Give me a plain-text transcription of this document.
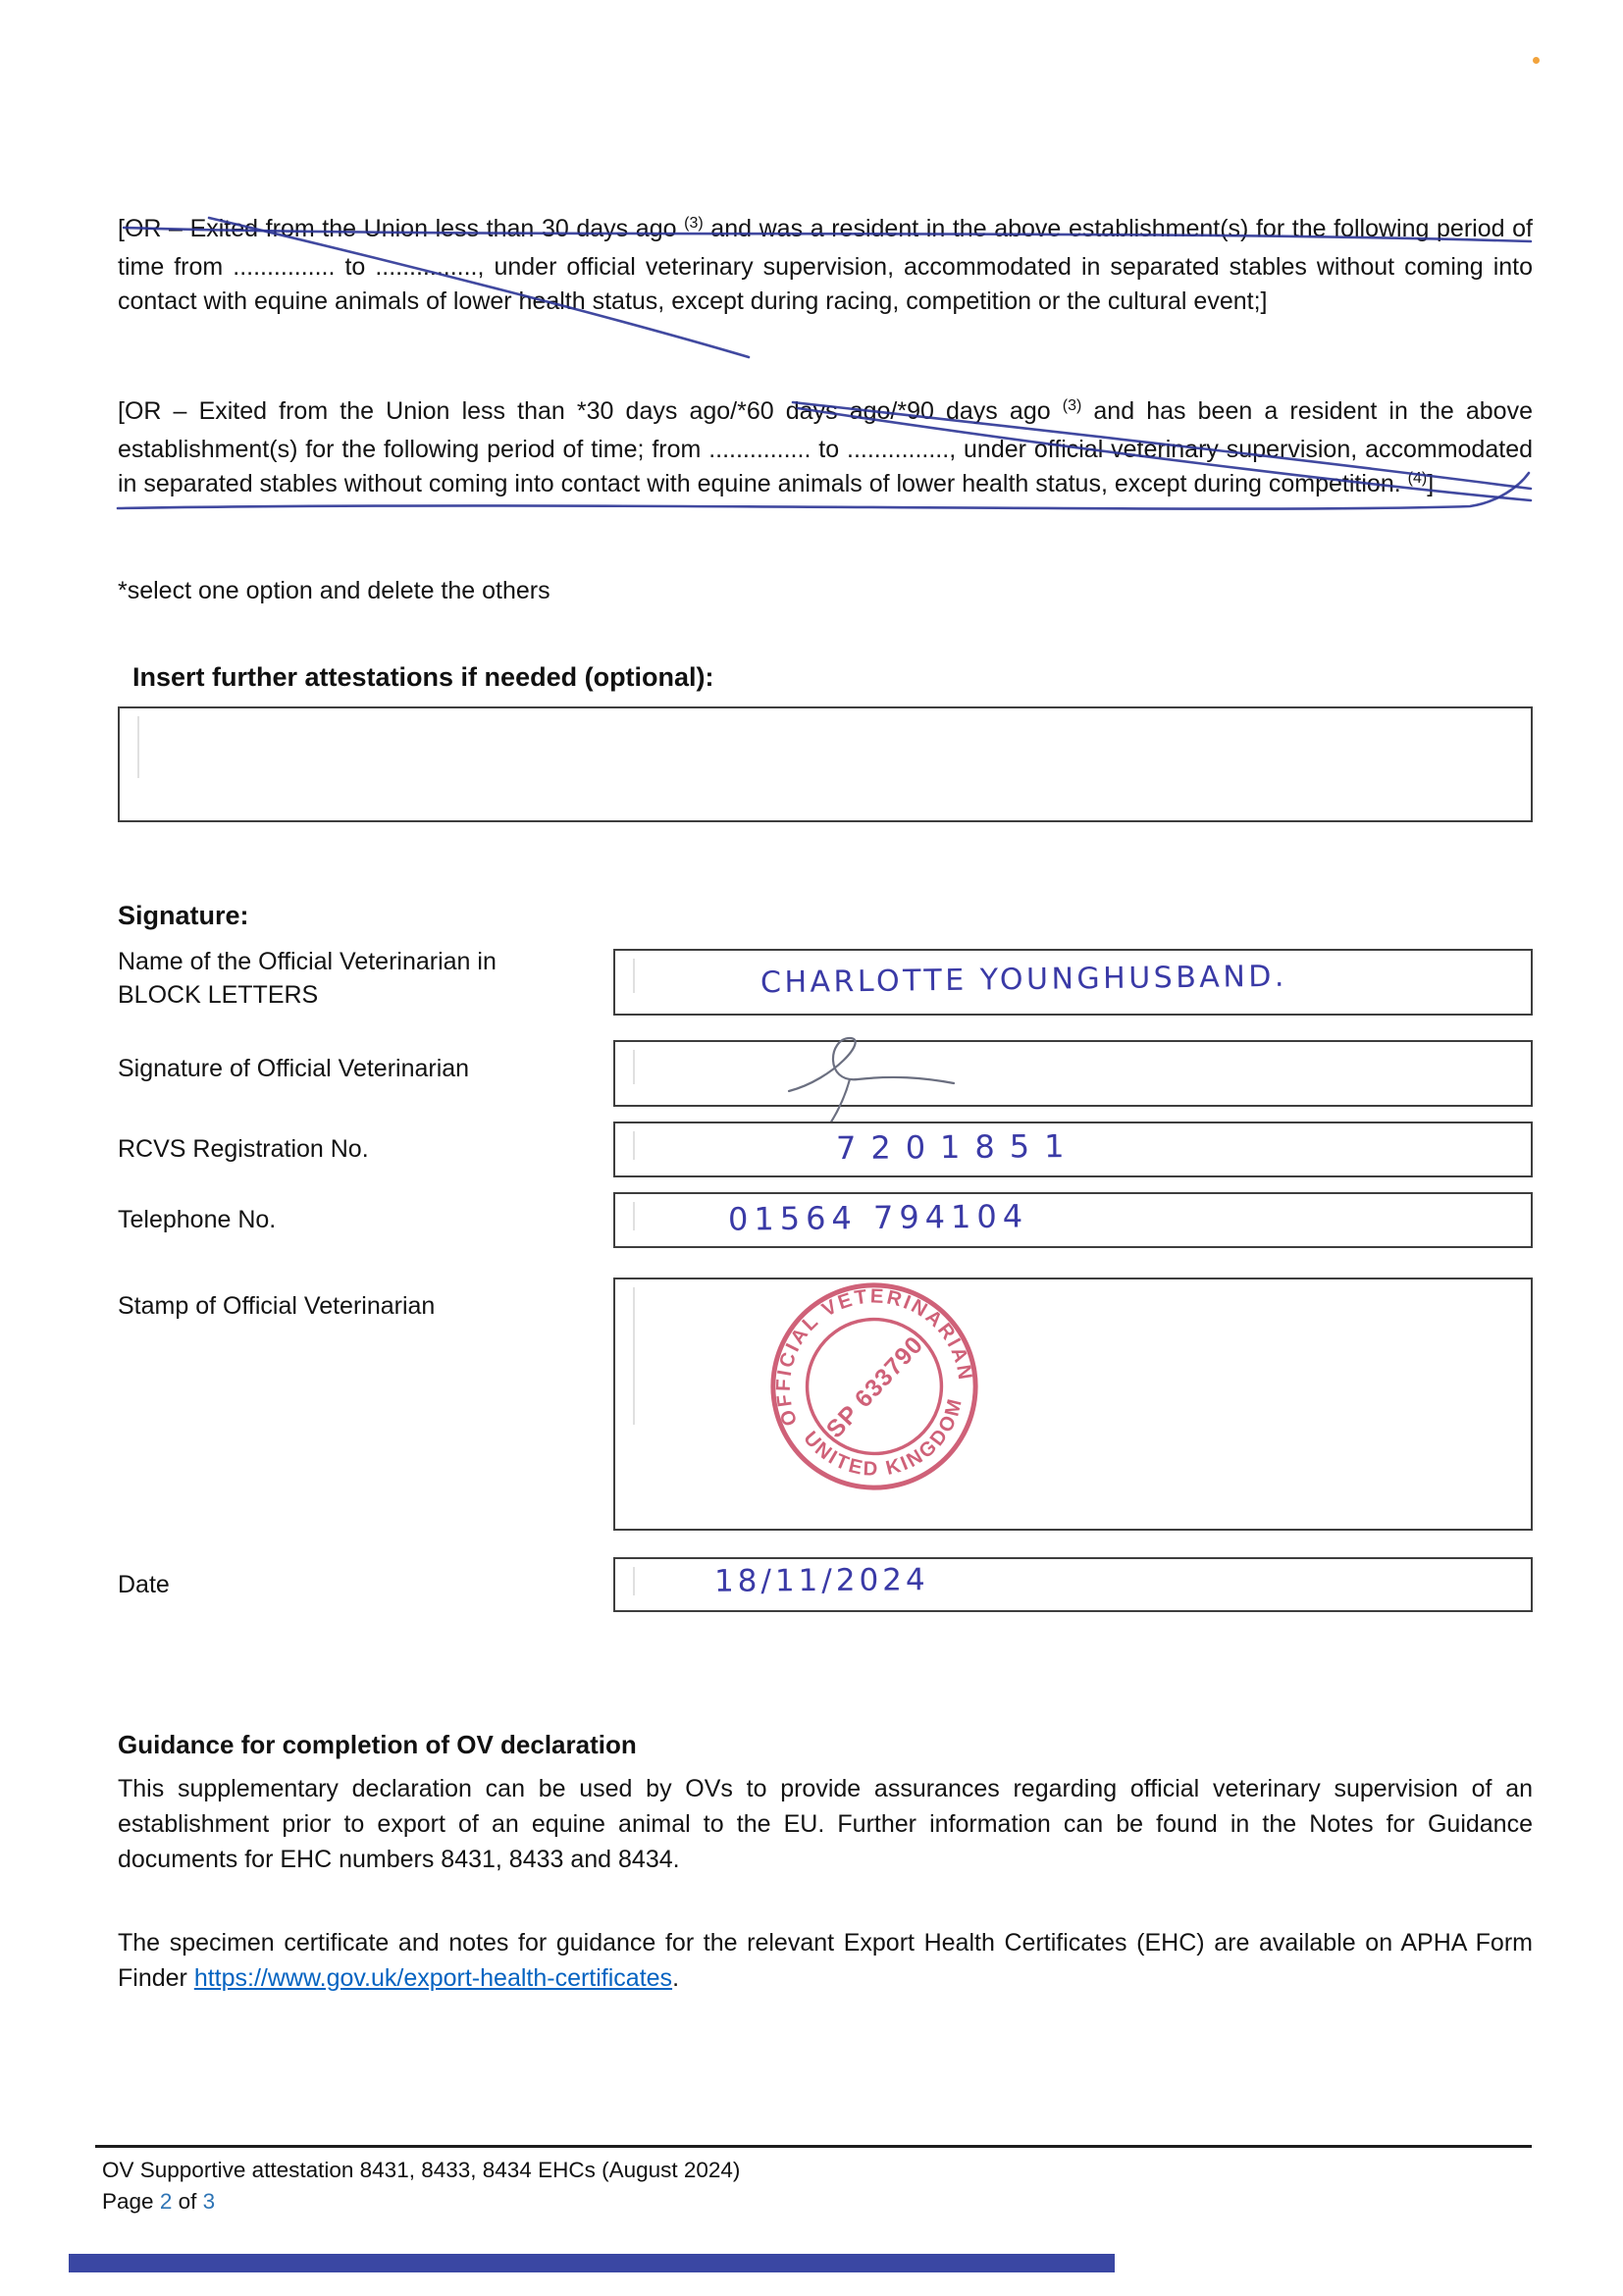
[OR – Exited from the Union less than 30 days ago $^{(3)}$ and was a resident in the above establishment(s) for the following period of time from ............... to ..............., under official veterinary supervision, accommodated in separated stables without coming into contact with equine animals of lower health status, except during racing, competition or the cultural event;]
[OR – Exited from the Union less than *30 days ago/*60 days ago/*90 days ago $^{(3)}$ and has been a resident in the above establishment(s) for the following period of time; from ............... to ..............., under official veterinary supervision, accommodated in separated stables without coming into contact with equine animals of lower health status, except during competition. $^{(4)}$]
*select one option and delete the others
Insert further attestations if needed (optional):
Signature:
Name of the Official Veterinarian in BLOCK LETTERS	CHARLOTTE YOUNGHUSBAND.
Signature of Official Veterinarian
RCVS Registration No.	7201851
Telephone No.	01564 794104
Stamp of Official Veterinarian
OFFICIAL VETERINARIAN
UNITED KINGDOM
SP 633790
Date	18/11/2024
Guidance for completion of OV declaration
This supplementary declaration can be used by OVs to provide assurances regarding official veterinary supervision of an establishment prior to export of an equine animal to the EU. Further information can be found in the Notes for Guidance documents for EHC numbers 8431, 8433 and 8434.
The specimen certificate and notes for guidance for the relevant Export Health Certificates (EHC) are available on APHA Form Finder https://www.gov.uk/export-health-certificates.
OV Supportive attestation 8431, 8433, 8434 EHCs (August 2024)
Page 2 of 3
